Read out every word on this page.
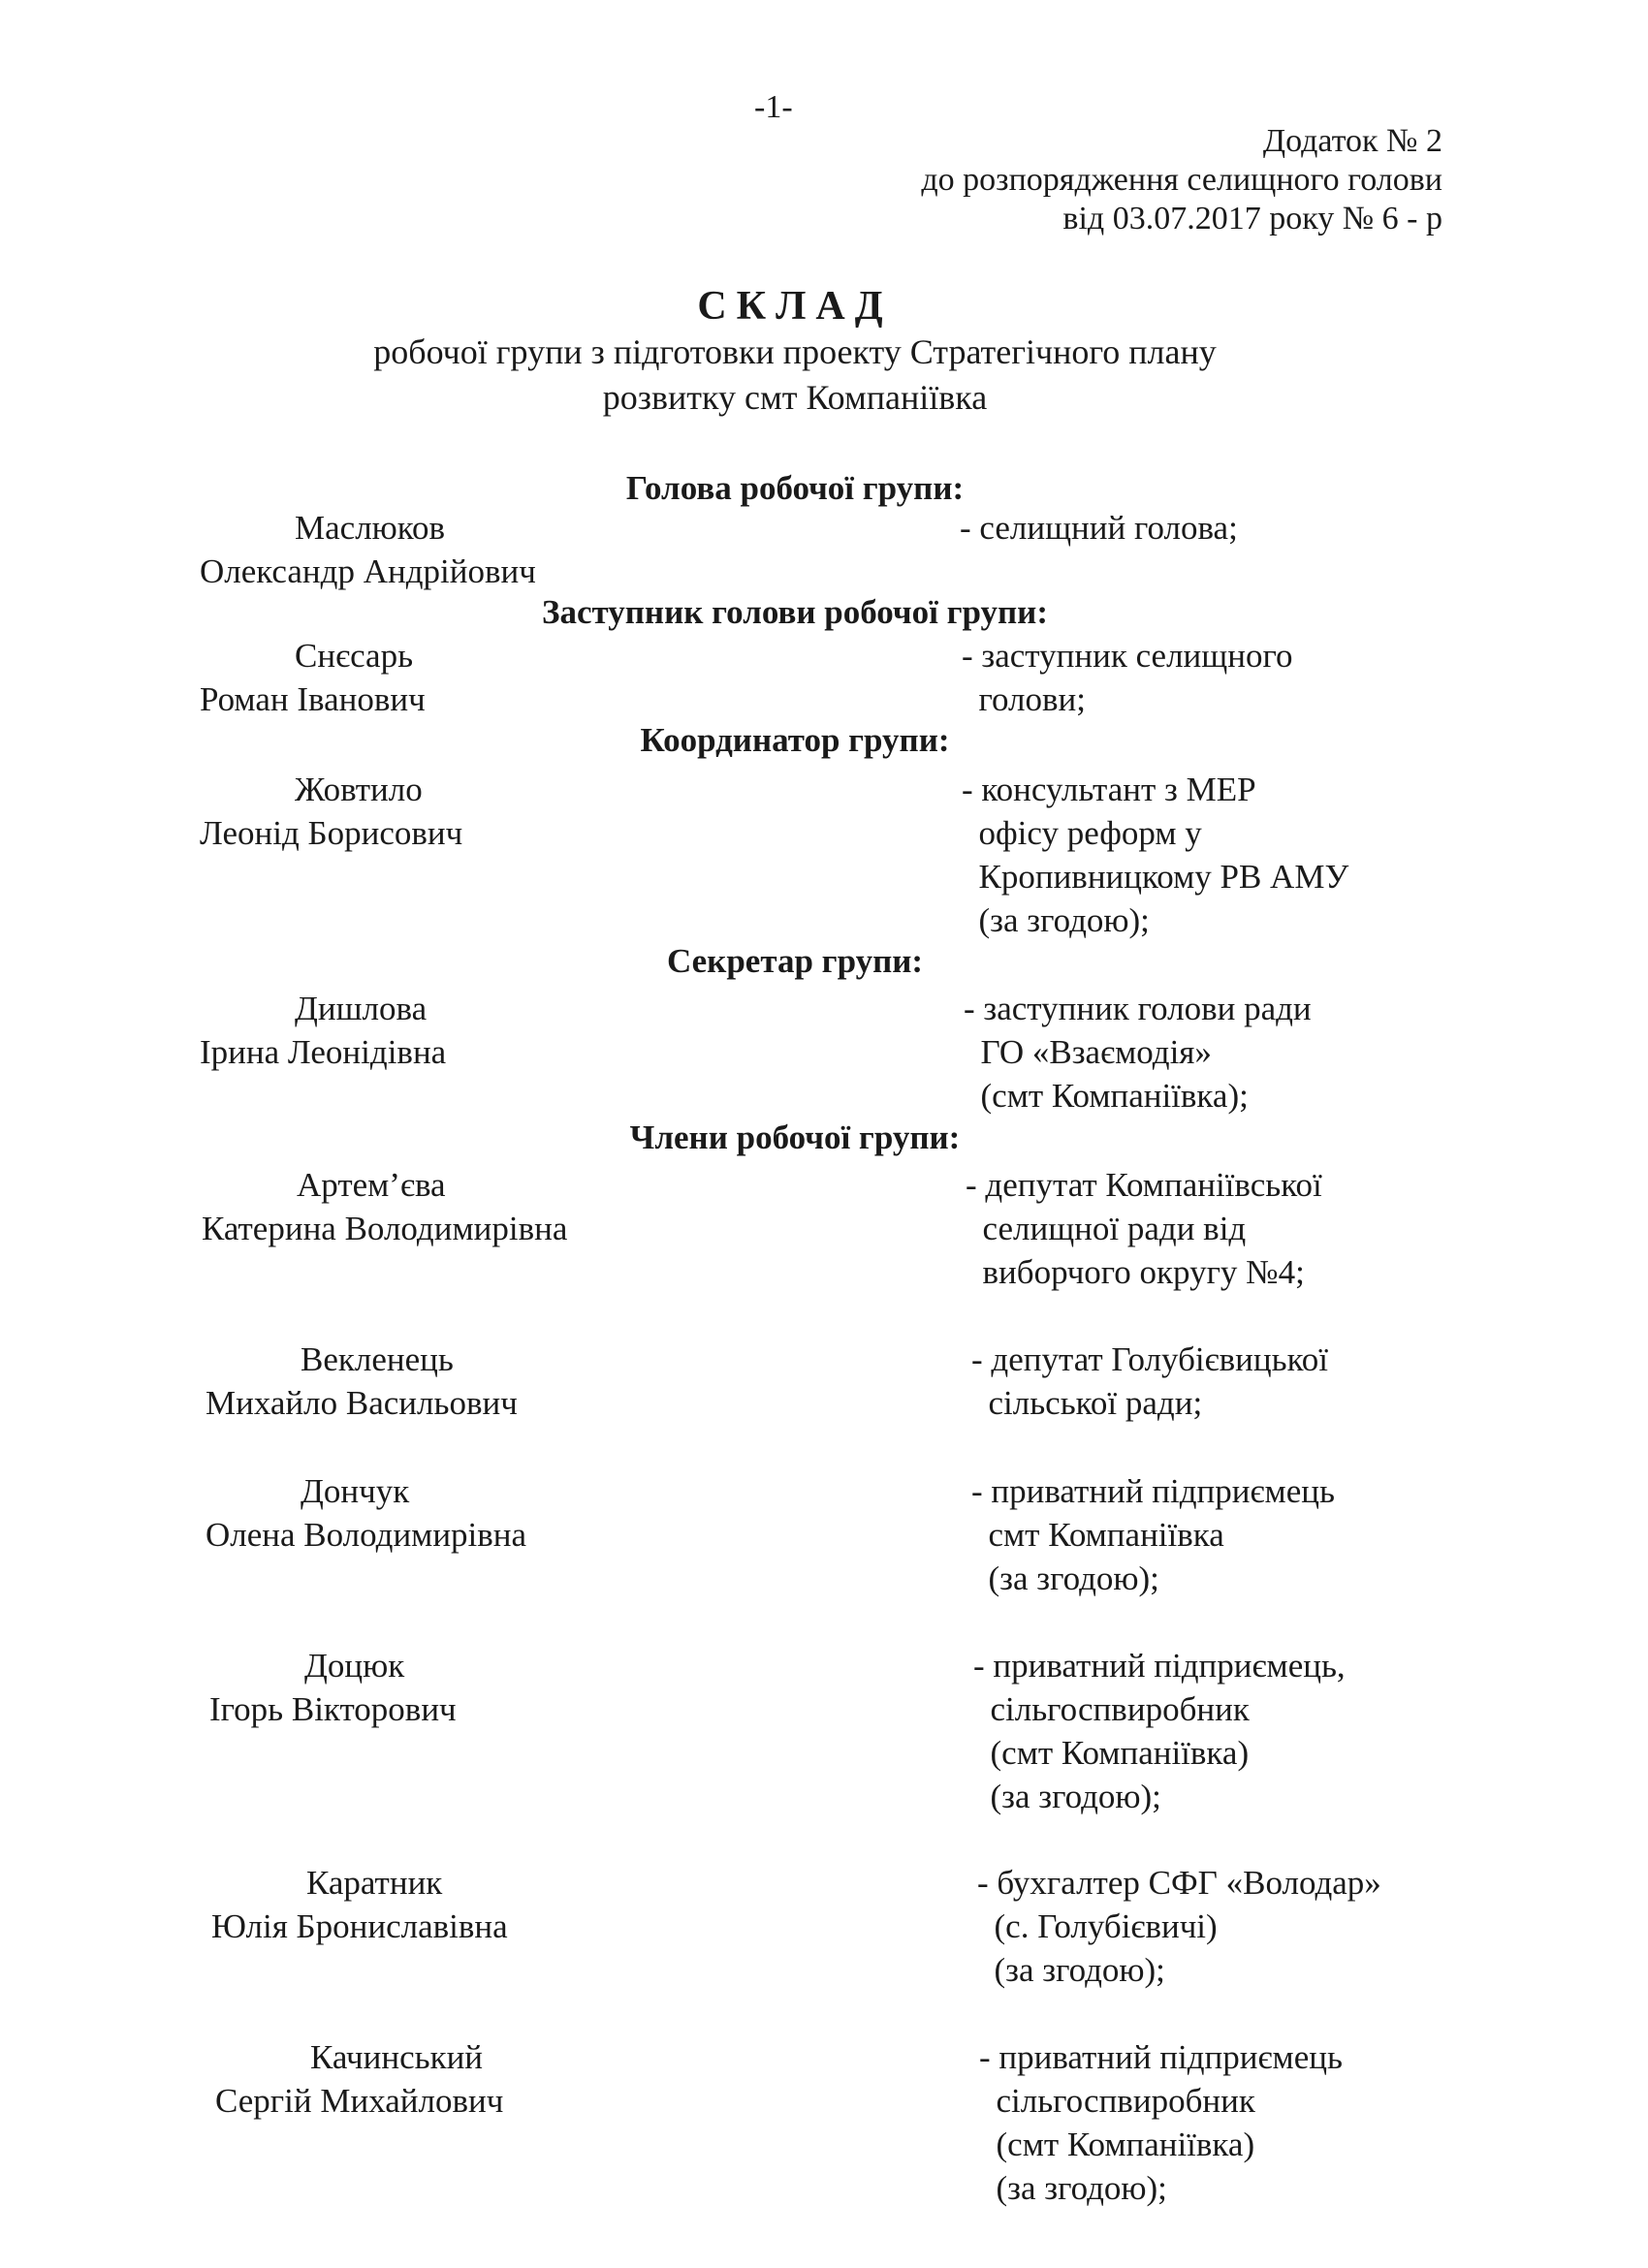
-1-
Додаток № 2
до розпорядження селищного голови
від 03.07.2017 року № 6 - р
СКЛАД
робочої групи з підготовки проекту Стратегічного плану
розвитку смт Компаніївка
Голова робочої групи:
Маслюков
Олександр Андрійович
- селищний голова;
Заступник голови робочої групи:
Снєсарь
Роман Іванович
- заступник селищного
голови;
Координатор групи:
Жовтило
Леонід Борисович
- консультант з МЕР
офісу реформ у
Кропивницкому РВ АМУ
(за згодою);
Секретар групи:
Дишлова
Ірина Леонідівна
- заступник голови ради
ГО «Взаємодія»
(смт Компаніївка);
Члени робочої групи:
Артем’єва
Катерина Володимирівна
- депутат Компаніївської
селищної ради від
виборчого округу №4;
Векленець
Михайло Васильович
- депутат Голубієвицької
сільської ради;
Дончук
Олена Володимирівна
- приватний підприємець
смт Компаніївка
(за згодою);
Доцюк
Ігорь Вікторович
- приватний підприємець,
сільгоспвиробник
(смт Компаніївка)
(за згодою);
Каратник
Юлія Брониславівна
- бухгалтер СФГ «Володар»
(с. Голубієвичі)
(за згодою);
Качинський
Сергій Михайлович
- приватний підприємець
сільгоспвиробник
(смт Компаніївка)
(за згодою);
